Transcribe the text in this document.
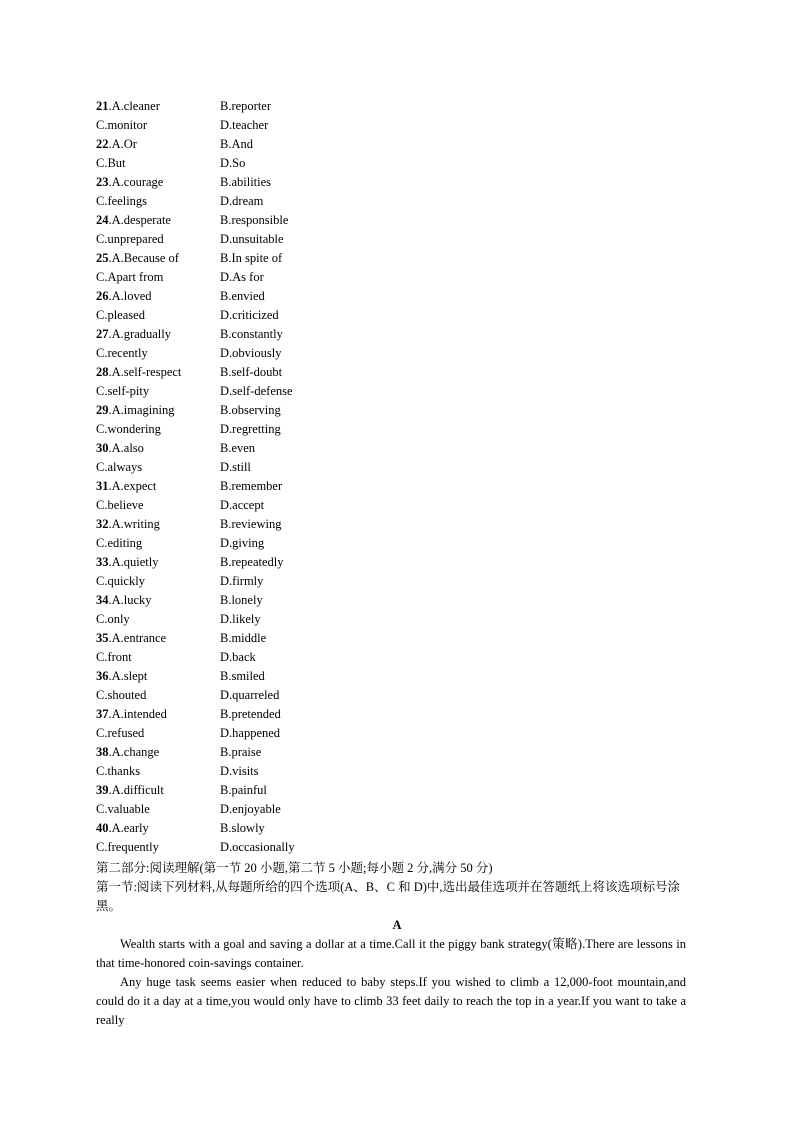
21.A.cleaner	B.reporter
C.monitor	D.teacher
22.A.Or	B.And
C.But	D.So
23.A.courage	B.abilities
C.feelings	D.dream
24.A.desperate	B.responsible
C.unprepared	D.unsuitable
25.A.Because of	B.In spite of
C.Apart from	D.As for
26.A.loved	B.envied
C.pleased	D.criticized
27.A.gradually	B.constantly
C.recently	D.obviously
28.A.self-respect	B.self-doubt
C.self-pity	D.self-defense
29.A.imagining	B.observing
C.wondering	D.regretting
30.A.also	B.even
C.always	D.still
31.A.expect	B.remember
C.believe	D.accept
32.A.writing	B.reviewing
C.editing	D.giving
33.A.quietly	B.repeatedly
C.quickly	D.firmly
34.A.lucky	B.lonely
C.only	D.likely
35.A.entrance	B.middle
C.front	D.back
36.A.slept	B.smiled
C.shouted	D.quarreled
37.A.intended	B.pretended
C.refused	D.happened
38.A.change	B.praise
C.thanks	D.visits
39.A.difficult	B.painful
C.valuable	D.enjoyable
40.A.early	B.slowly
C.frequently	D.occasionally
第二部分:阅读理解(第一节 20 小题,第二节 5 小题;每小题 2 分,满分 50 分)
第一节:阅读下列材料,从每题所给的四个选项(A、B、C 和 D)中,选出最佳选项并在答题纸上将该选项标号涂
黑。
A

Wealth starts with a goal and saving a dollar at a time.Call it the piggy bank strategy(策略).There are lessons in that time-honored coin-savings container.

Any huge task seems easier when reduced to baby steps.If you wished to climb a 12,000-foot mountain,and could do it a day at a time,you would only have to climb 33 feet daily to reach the top in a year.If you want to take a really
